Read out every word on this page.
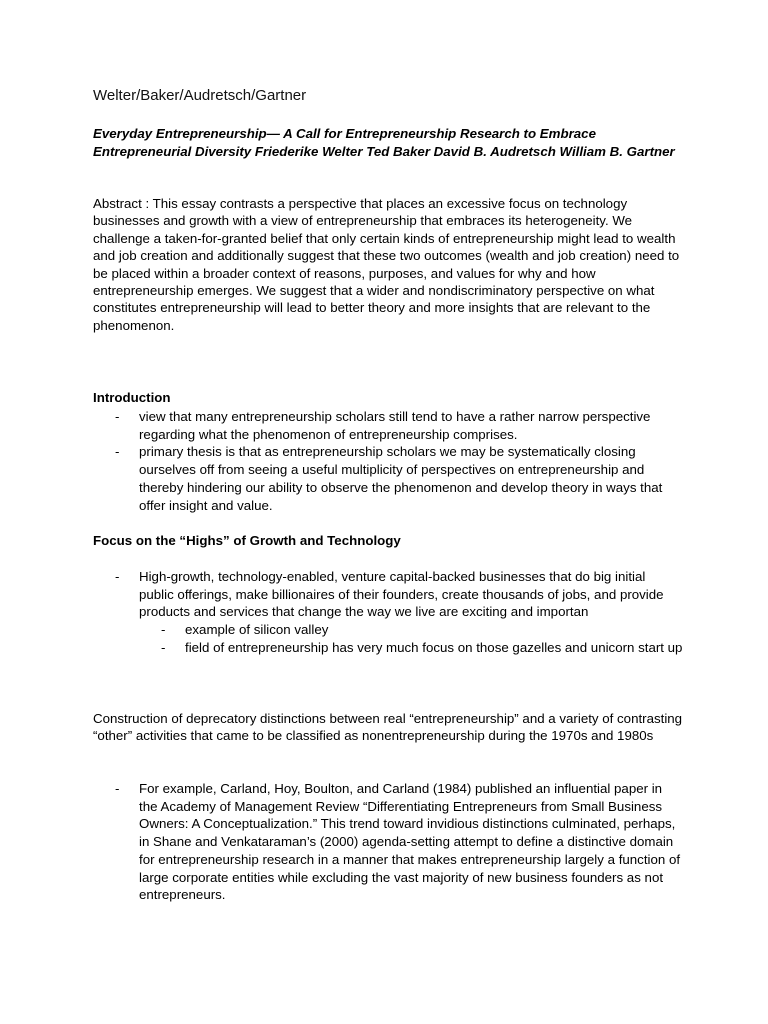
Welter/Baker/Audretsch/Gartner
Everyday Entrepreneurship— A Call for Entrepreneurship Research to Embrace Entrepreneurial Diversity Friederike Welter Ted Baker David B. Audretsch William B. Gartner
Abstract : This essay contrasts a perspective that places an excessive focus on technology businesses and growth with a view of entrepreneurship that embraces its heterogeneity. We challenge a taken-for-granted belief that only certain kinds of entrepreneurship might lead to wealth and job creation and additionally suggest that these two outcomes (wealth and job creation) need to be placed within a broader context of reasons, purposes, and values for why and how entrepreneurship emerges. We suggest that a wider and nondiscriminatory perspective on what constitutes entrepreneurship will lead to better theory and more insights that are relevant to the phenomenon.
Introduction
- view that many entrepreneurship scholars still tend to have a rather narrow perspective regarding what the phenomenon of entrepreneurship comprises.
- primary thesis is that as entrepreneurship scholars we may be systematically closing ourselves off from seeing a useful multiplicity of perspectives on entrepreneurship and thereby hindering our ability to observe the phenomenon and develop theory in ways that offer insight and value.
Focus on the “Highs” of Growth and Technology
- High-growth, technology-enabled, venture capital-backed businesses that do big initial public offerings, make billionaires of their founders, create thousands of jobs, and provide products and services that change the way we live are exciting and importan
- example of silicon valley
- field of entrepreneurship has very much focus on those gazelles and unicorn start up
Construction of deprecatory distinctions between real “entrepreneurship” and a variety of contrasting “other” activities that came to be classified as nonentrepreneurship during the 1970s and 1980s
- For example, Carland, Hoy, Boulton, and Carland (1984) published an influential paper in the Academy of Management Review “Differentiating Entrepreneurs from Small Business Owners: A Conceptualization.” This trend toward invidious distinctions culminated, perhaps, in Shane and Venkataraman’s (2000) agenda-setting attempt to define a distinctive domain for entrepreneurship research in a manner that makes entrepreneurship largely a function of large corporate entities while excluding the vast majority of new business founders as not entrepreneurs.
